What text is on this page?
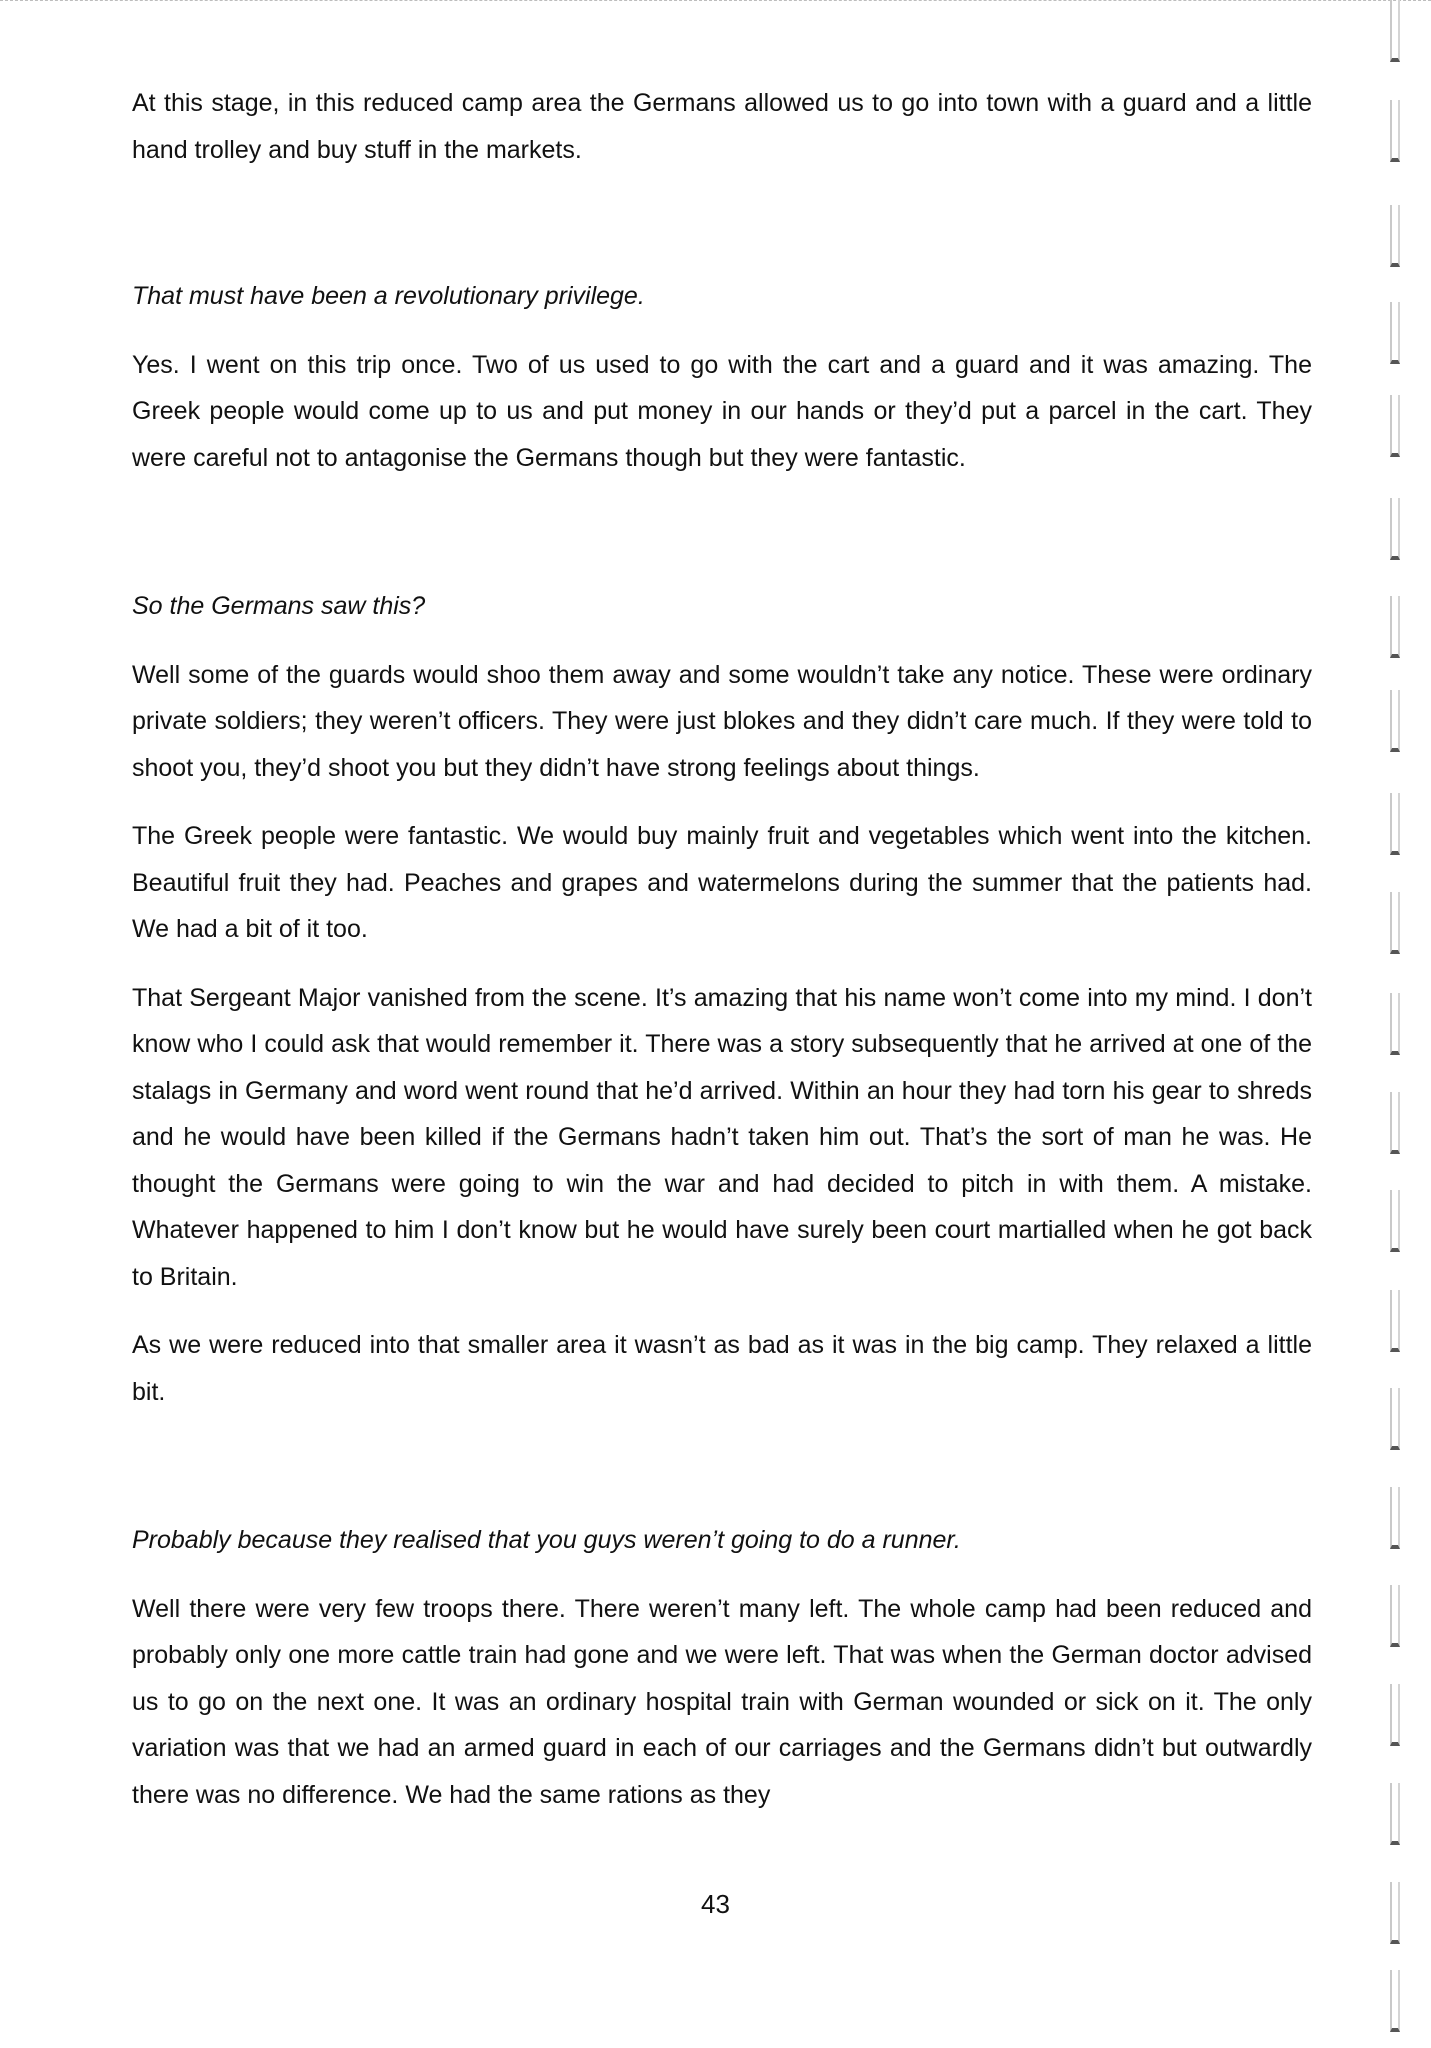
At this stage, in this reduced camp area the Germans allowed us to go into town with a guard and a little hand trolley and buy stuff in the markets.

That must have been a revolutionary privilege.

Yes. I went on this trip once. Two of us used to go with the cart and a guard and it was amazing. The Greek people would come up to us and put money in our hands or they’d put a parcel in the cart. They were careful not to antagonise the Germans though but they were fantastic.

So the Germans saw this?

Well some of the guards would shoo them away and some wouldn’t take any notice. These were ordinary private soldiers; they weren’t officers. They were just blokes and they didn’t care much. If they were told to shoot you, they’d shoot you but they didn’t have strong feelings about things.

The Greek people were fantastic. We would buy mainly fruit and vegetables which went into the kitchen. Beautiful fruit they had. Peaches and grapes and watermelons during the summer that the patients had. We had a bit of it too.

That Sergeant Major vanished from the scene. It’s amazing that his name won’t come into my mind. I don’t know who I could ask that would remember it. There was a story subsequently that he arrived at one of the stalags in Germany and word went round that he’d arrived. Within an hour they had torn his gear to shreds and he would have been killed if the Germans hadn’t taken him out. That’s the sort of man he was. He thought the Germans were going to win the war and had decided to pitch in with them. A mistake. Whatever happened to him I don’t know but he would have surely been court martialled when he got back to Britain.

As we were reduced into that smaller area it wasn’t as bad as it was in the big camp. They relaxed a little bit.

Probably because they realised that you guys weren’t going to do a runner.

Well there were very few troops there. There weren’t many left. The whole camp had been reduced and probably only one more cattle train had gone and we were left. That was when the German doctor advised us to go on the next one. It was an ordinary hospital train with German wounded or sick on it. The only variation was that we had an armed guard in each of our carriages and the Germans didn’t but outwardly there was no difference. We had the same rations as they

43
